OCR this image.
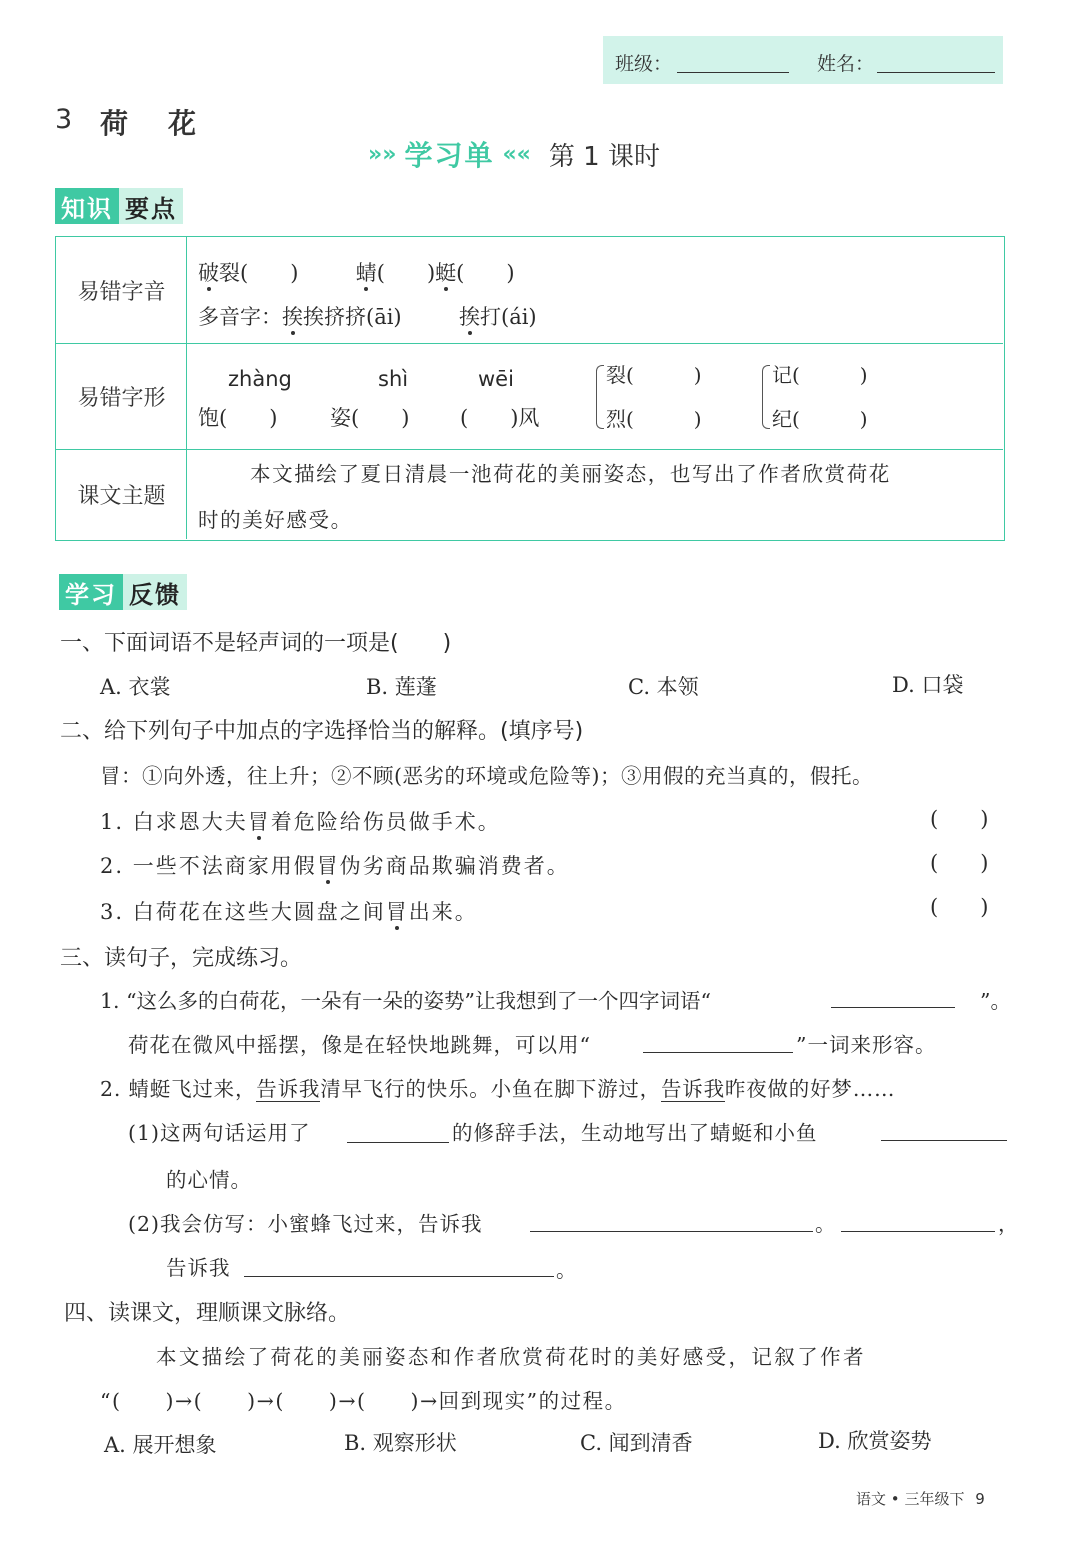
班级：	姓名：
3 荷　花
»» 学习单 «« 第 1 课时
知识 要点
易错字音
破裂(　　)	蜻(　　)蜓(　　)
多音字：挨挨挤挤(āi)	挨打(ái)
易错字形
zhàng	shì	wēi
饱(　　)	姿(　　) (　　)风
裂(　　　)
烈(　　　)
记(　　　)
纪(　　　)
课文主题
本文描绘了夏日清晨一池荷花的美丽姿态，也写出了作者欣赏荷花
时的美好感受。
学习 反馈
一、下面词语不是轻声词的一项是(　　)
A. 衣裳	B. 莲蓬	C. 本领	D. 口袋
二、给下列句子中加点的字选择恰当的解释。(填序号)
冒：①向外透，往上升；②不顾(恶劣的环境或危险等)；③用假的充当真的，假托。
1. 白求恩大夫冒着危险给伤员做手术。	(　　)
2. 一些不法商家用假冒伪劣商品欺骗消费者。	(　　)
3. 白荷花在这些大圆盘之间冒出来。	(　　)
三、读句子，完成练习。
1. “这么多的白荷花，一朵有一朵的姿势”让我想到了一个四字词语“	”。
荷花在微风中摇摆，像是在轻快地跳舞，可以用“	”一词来形容。
2. 蜻蜓飞过来，告诉我清早飞行的快乐。小鱼在脚下游过，告诉我昨夜做的好梦……
(1)这两句话运用了	的修辞手法，生动地写出了蜻蜓和小鱼
的心情。
(2)我会仿写：小蜜蜂飞过来，告诉我	。	，
告诉我	。
四、读课文，理顺课文脉络。
本文描绘了荷花的美丽姿态和作者欣赏荷花时的美好感受，记叙了作者
“(　　)→(　　)→(　　)→(　　)→回到现实”的过程。
A. 展开想象	B. 观察形状	C. 闻到清香	D. 欣赏姿势
语文 • 三年级下 9
